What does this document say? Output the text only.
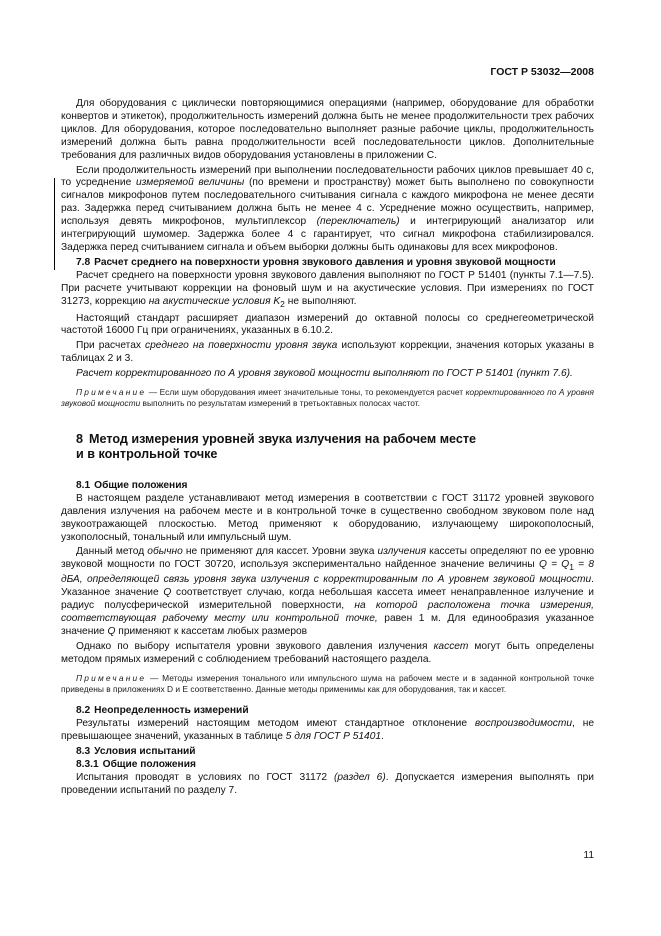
ГОСТ Р 53032—2008

Для оборудования с циклически повторяющимися операциями (например, оборудование для обработки конвертов и этикеток), продолжительность измерений должна быть не менее продолжительности трех рабочих циклов. Для оборудования, которое последовательно выполняет разные рабочие циклы, продолжительность измерений должна быть равна продолжительности всей последовательности циклов. Дополнительные требования для различных видов оборудования установлены в приложении С.

Если продолжительность измерений при выполнении последовательности рабочих циклов превышает 40 с, то усреднение измеряемой величины (по времени и пространству) может быть выполнено по совокупности сигналов микрофонов путем последовательного считывания сигнала с каждого микрофона не менее десяти раз. Задержка перед считыванием должна быть не менее 4 с. Усреднение можно осуществить, например, используя девять микрофонов, мультиплексор (переключатель) и интегрирующий анализатор или интегрирующий шумомер. Задержка более 4 с гарантирует, что сигнал микрофона стабилизировался. Задержка перед считыванием сигнала и объем выборки должны быть одинаковы для всех микрофонов.

7.8 Расчет среднего на поверхности уровня звукового давления и уровня звуковой мощности

Расчет среднего на поверхности уровня звукового давления выполняют по ГОСТ Р 51401 (пункты 7.1—7.5). При расчете учитывают коррекции на фоновый шум и на акустические условия. При измерениях по ГОСТ 31273, коррекцию на акустические условия $K_2$ не выполняют.

Настоящий стандарт расширяет диапазон измерений до октавной полосы со среднегеометрической частотой 16000 Гц при ограничениях, указанных в 6.10.2.

При расчетах среднего на поверхности уровня звука используют коррекции, значения которых указаны в таблицах 2 и 3.

Расчет корректированного по А уровня звуковой мощности выполняют по ГОСТ Р 51401 (пункт 7.6).

Примечание — Если шум оборудования имеет значительные тоны, то рекомендуется расчет корректированного по А уровня звуковой мощности выполнить по результатам измерений в третьоктавных полосах частот.

8 Метод измерения уровней звука излучения на рабочем месте
и в контрольной точке
8.1 Общие положения

В настоящем разделе устанавливают метод измерения в соответствии с ГОСТ 31172 уровней звукового давления излучения на рабочем месте и в контрольной точке в существенно свободном звуковом поле над звукоотражающей плоскостью. Метод применяют к оборудованию, излучающему широкополосный, узкополосный, тональный или импульсный шум.

Данный метод обычно не применяют для кассет. Уровни звука излучения кассеты определяют по ее уровню звуковой мощности по ГОСТ 30720, используя экспериментально найденное значение величины $Q = Q_1 = 8$ дБА, определяющей связь уровня звука излучения с корректированным по А уровнем звуковой мощности. Указанное значение Q соответствует случаю, когда небольшая кассета имеет ненаправленное излучение и радиус полусферической измерительной поверхности, на которой расположена точка измерения, соответствующая рабочему месту или контрольной точке, равен 1 м. Для единообразия указанное значение Q применяют к кассетам любых размеров

Однако по выбору испытателя уровни звукового давления излучения кассет могут быть определены методом прямых измерений с соблюдением требований настоящего раздела.

Примечание — Методы измерения тонального или импульсного шума на рабочем месте и в заданной контрольной точке приведены в приложениях D и E соответственно. Данные методы применимы как для оборудования, так и кассет.

8.2 Неопределенность измерений

Результаты измерений настоящим методом имеют стандартное отклонение воспроизводимости, не превышающее значений, указанных в таблице 5 для ГОСТ Р 51401.

8.3 Условия испытаний
8.3.1 Общие положения

Испытания проводят в условиях по ГОСТ 31172 (раздел 6). Допускается измерения выполнять при проведении испытаний по разделу 7.

11
